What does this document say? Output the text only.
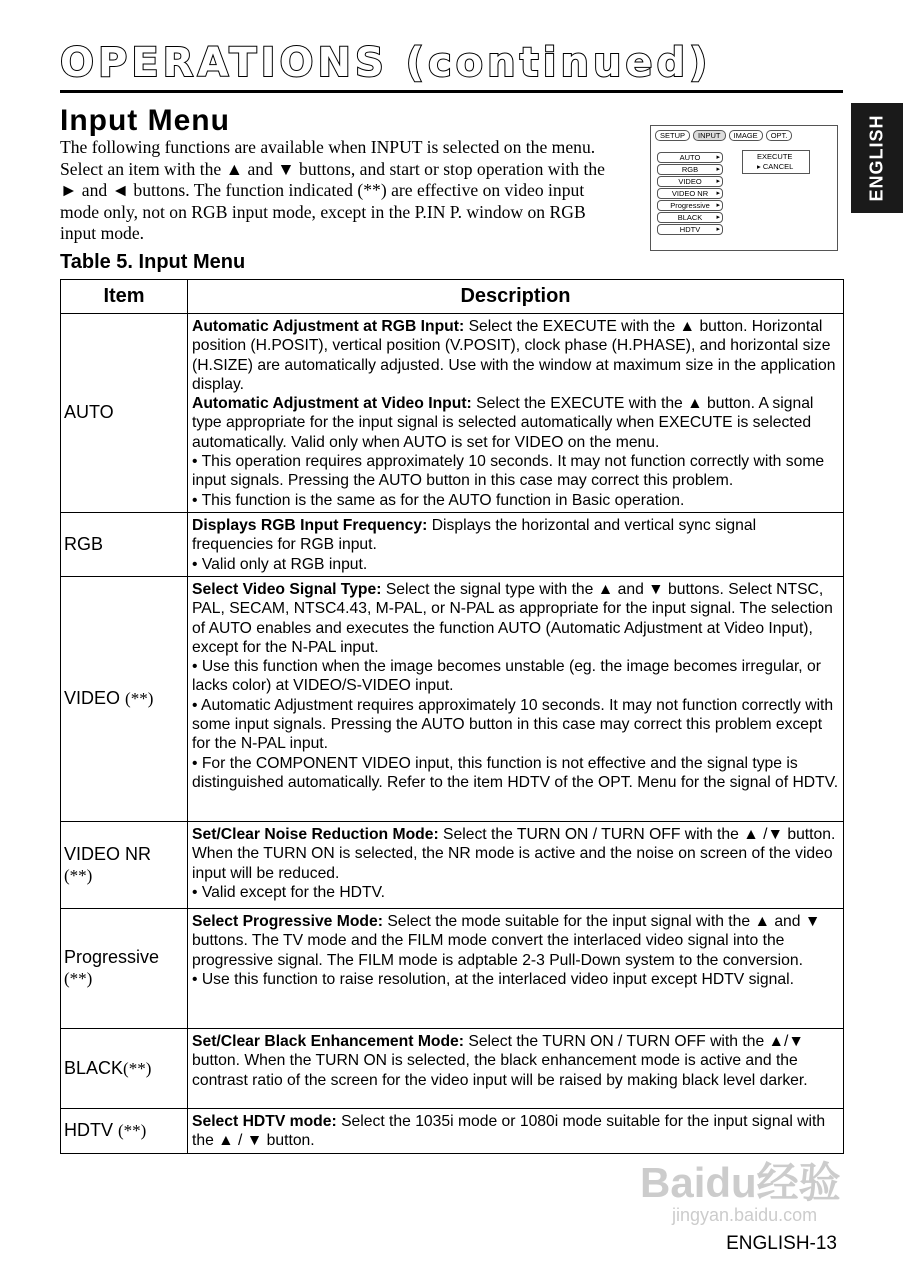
OPERATIONS (continued)
ENGLISH
Input Menu
The following functions are available when INPUT is selected on the menu. Select an item with the ▲ and ▼ buttons, and start or stop operation with the ► and ◄ buttons. The function indicated (**) are effective on video input mode only, not on RGB input mode, except in the P.IN P. window on RGB input mode.
SETUP	INPUT	IMAGE	OPT.
AUTO ▸
RGB ▸
VIDEO ▸
VIDEO NR ▸
Progressive ▸
BLACK ▸
HDTV ▸
EXECUTE
▸ CANCEL
Table 5. Input Menu
Item	Description
AUTO	Automatic Adjustment at RGB Input: Select the EXECUTE with the ▲ button. Horizontal position (H.POSIT), vertical position (V.POSIT), clock phase (H.PHASE), and horizontal size (H.SIZE) are automatically adjusted. Use with the window at maximum size in the application display.
Automatic Adjustment at Video Input: Select the EXECUTE with the ▲ button. A signal type appropriate for the input signal is selected automatically when EXECUTE is selected automatically. Valid only when AUTO is set for VIDEO on the menu.
• This operation requires approximately 10 seconds. It may not function correctly with some input signals. Pressing the AUTO button in this case may correct this problem.
• This function is the same as for the AUTO function in Basic operation.
RGB	Displays RGB Input Frequency: Displays the horizontal and vertical sync signal frequencies for RGB input.
• Valid only at RGB input.
VIDEO (**)	Select Video Signal Type: Select the signal type with the ▲ and ▼ buttons. Select NTSC, PAL, SECAM, NTSC4.43, M-PAL, or N-PAL as appropriate for the input signal. The selection of AUTO enables and executes the function AUTO (Automatic Adjustment at Video Input), except for the N-PAL input.
• Use this function when the image becomes unstable (eg. the image becomes irregular, or lacks color) at VIDEO/S-VIDEO input.
• Automatic Adjustment requires approximately 10 seconds. It may not function correctly with some input signals. Pressing the AUTO button in this case may correct this problem except for the N-PAL input.
• For the COMPONENT VIDEO input, this function is not effective and the signal type is distinguished automatically. Refer to the item HDTV of the OPT. Menu for the signal of HDTV.
VIDEO NR
(**)	Set/Clear Noise Reduction Mode: Select the TURN ON / TURN OFF with the ▲ /▼ button. When the TURN ON is selected, the NR mode is active and the noise on screen of the video input will be reduced.
• Valid except for the HDTV.
Progressive
(**)	Select Progressive Mode: Select the mode suitable for the input signal with the ▲ and ▼ buttons. The TV mode and the FILM mode convert the interlaced video signal into the progressive signal. The FILM mode is adptable 2-3 Pull-Down system to the conversion.
• Use this function to raise resolution, at the interlaced video input except HDTV signal.
BLACK(**)	Set/Clear Black Enhancement Mode: Select the TURN ON / TURN OFF with the ▲/▼ button. When the TURN ON is selected, the black enhancement mode is active and the contrast ratio of the screen for the video input will be raised by making black level darker.
HDTV (**)	Select HDTV mode: Select the 1035i mode or 1080i mode suitable for the input signal with the ▲ / ▼ button.
Baidu经验
jingyan.baidu.com
ENGLISH-13
